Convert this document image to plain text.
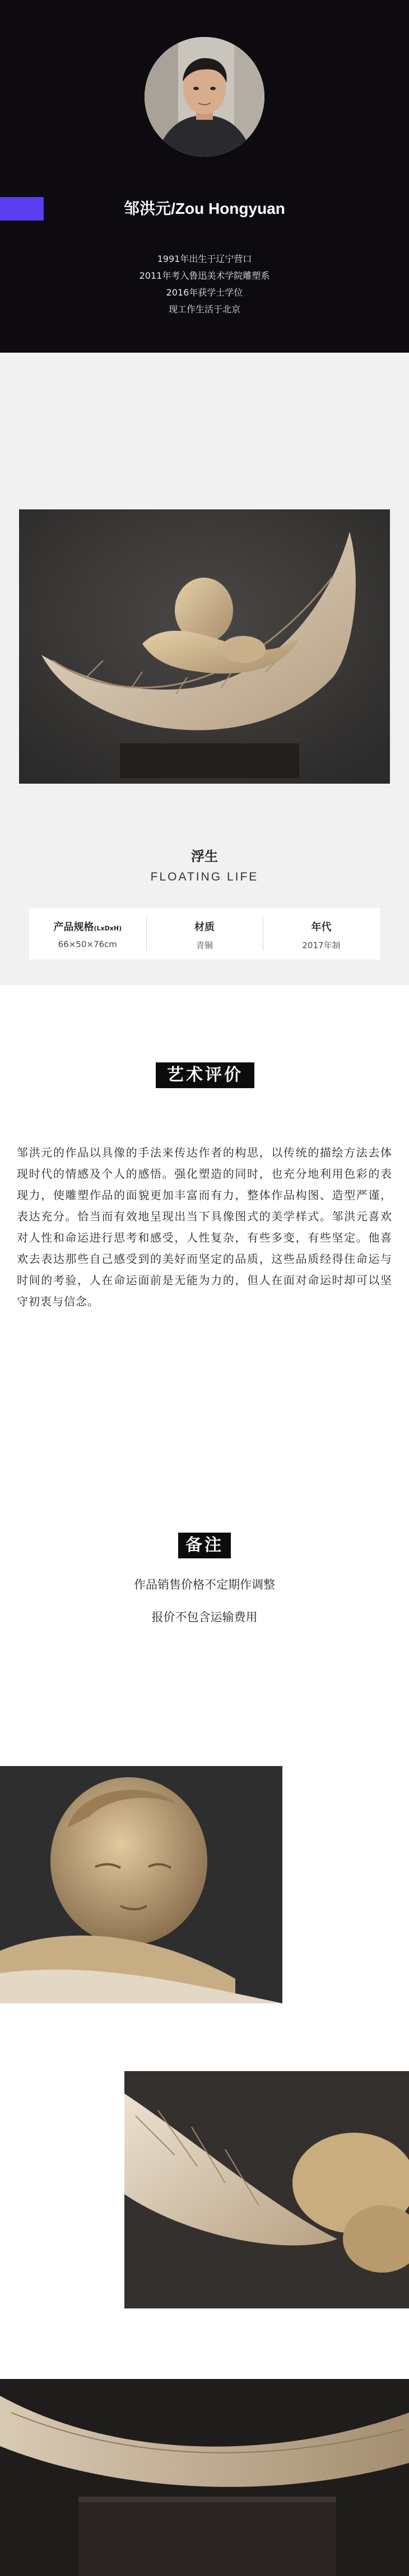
邹洪元/Zou Hongyuan
1991年出生于辽宁营口
2011年考入鲁迅美术学院雕塑系
2016年获学士学位
现工作生活于北京
浮生
FLOATING LIFE
产品规格(LxDxH)
66×50×76cm
材质
青铜
年代
2017年制
艺术评价
邹洪元的作品以具像的手法来传达作者的构思，以传统的描绘方法去体现时代的情感及个人的感悟。强化塑造的同时，也充分地利用色彩的表现力，使雕塑作品的面貌更加丰富而有力，整体作品构图、造型严谨，表达充分。恰当而有效地呈现出当下具像图式的美学样式。邹洪元喜欢对人性和命运进行思考和感受，人性复杂，有些多变，有些坚定。他喜欢去表达那些自己感受到的美好而坚定的品质，这些品质经得住命运与时间的考验，人在命运面前是无能为力的，但人在面对命运时却可以坚守初衷与信念。
备注
作品销售价格不定期作调整
报价不包含运输费用
